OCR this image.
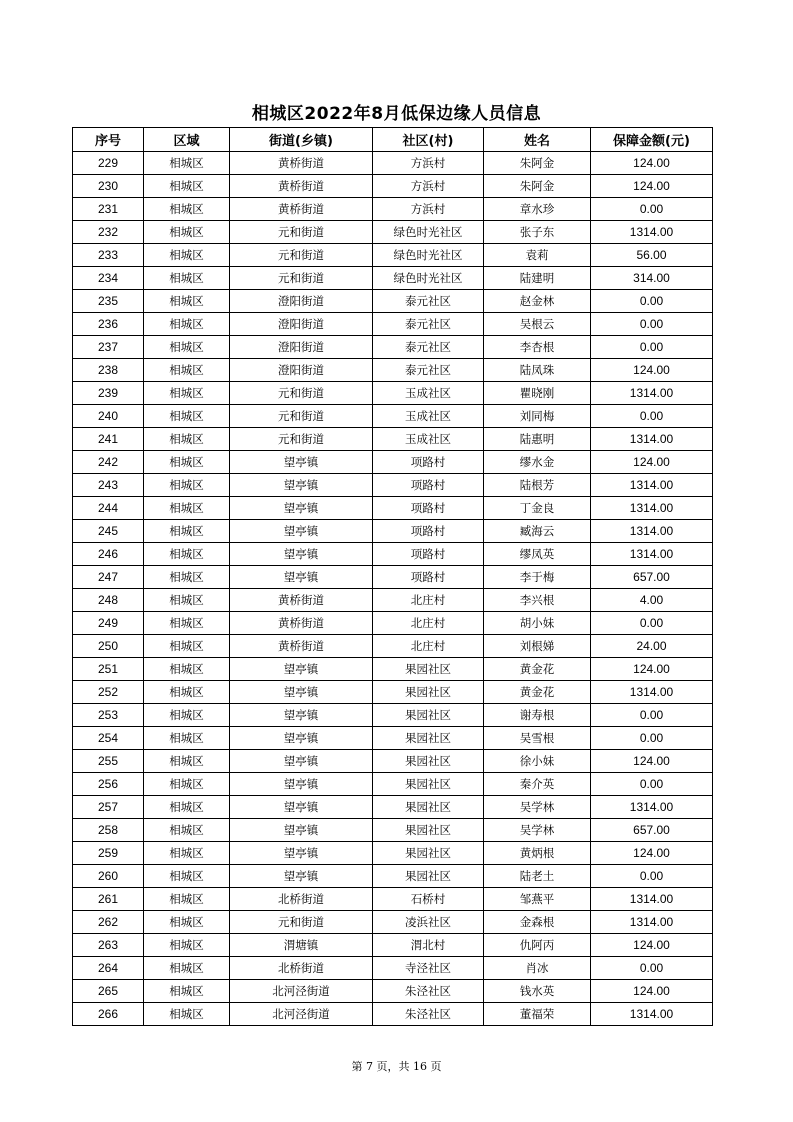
相城区2022年8月低保边缘人员信息
序号	区域	街道(乡镇)	社区(村)	姓名	保障金额(元)
229	相城区	黄桥街道	方浜村	朱阿金	124.00
230	相城区	黄桥街道	方浜村	朱阿金	124.00
231	相城区	黄桥街道	方浜村	章水珍	0.00
232	相城区	元和街道	绿色时光社区	张子东	1314.00
233	相城区	元和街道	绿色时光社区	袁莉	56.00
234	相城区	元和街道	绿色时光社区	陆建明	314.00
235	相城区	澄阳街道	泰元社区	赵金林	0.00
236	相城区	澄阳街道	泰元社区	吴根云	0.00
237	相城区	澄阳街道	泰元社区	李杏根	0.00
238	相城区	澄阳街道	泰元社区	陆凤珠	124.00
239	相城区	元和街道	玉成社区	瞿晓刚	1314.00
240	相城区	元和街道	玉成社区	刘同梅	0.00
241	相城区	元和街道	玉成社区	陆惠明	1314.00
242	相城区	望亭镇	项路村	缪水金	124.00
243	相城区	望亭镇	项路村	陆根芳	1314.00
244	相城区	望亭镇	项路村	丁金良	1314.00
245	相城区	望亭镇	项路村	臧海云	1314.00
246	相城区	望亭镇	项路村	缪凤英	1314.00
247	相城区	望亭镇	项路村	李于梅	657.00
248	相城区	黄桥街道	北庄村	李兴根	4.00
249	相城区	黄桥街道	北庄村	胡小妹	0.00
250	相城区	黄桥街道	北庄村	刘根娣	24.00
251	相城区	望亭镇	果园社区	黄金花	124.00
252	相城区	望亭镇	果园社区	黄金花	1314.00
253	相城区	望亭镇	果园社区	谢寿根	0.00
254	相城区	望亭镇	果园社区	吴雪根	0.00
255	相城区	望亭镇	果园社区	徐小妹	124.00
256	相城区	望亭镇	果园社区	秦介英	0.00
257	相城区	望亭镇	果园社区	吴学林	1314.00
258	相城区	望亭镇	果园社区	吴学林	657.00
259	相城区	望亭镇	果园社区	黄炳根	124.00
260	相城区	望亭镇	果园社区	陆老土	0.00
261	相城区	北桥街道	石桥村	邹燕平	1314.00
262	相城区	元和街道	凌浜社区	金森根	1314.00
263	相城区	渭塘镇	渭北村	仇阿丙	124.00
264	相城区	北桥街道	寺泾社区	肖冰	0.00
265	相城区	北河泾街道	朱泾社区	钱水英	124.00
266	相城区	北河泾街道	朱泾社区	董福荣	1314.00
第 7 页，共 16 页
